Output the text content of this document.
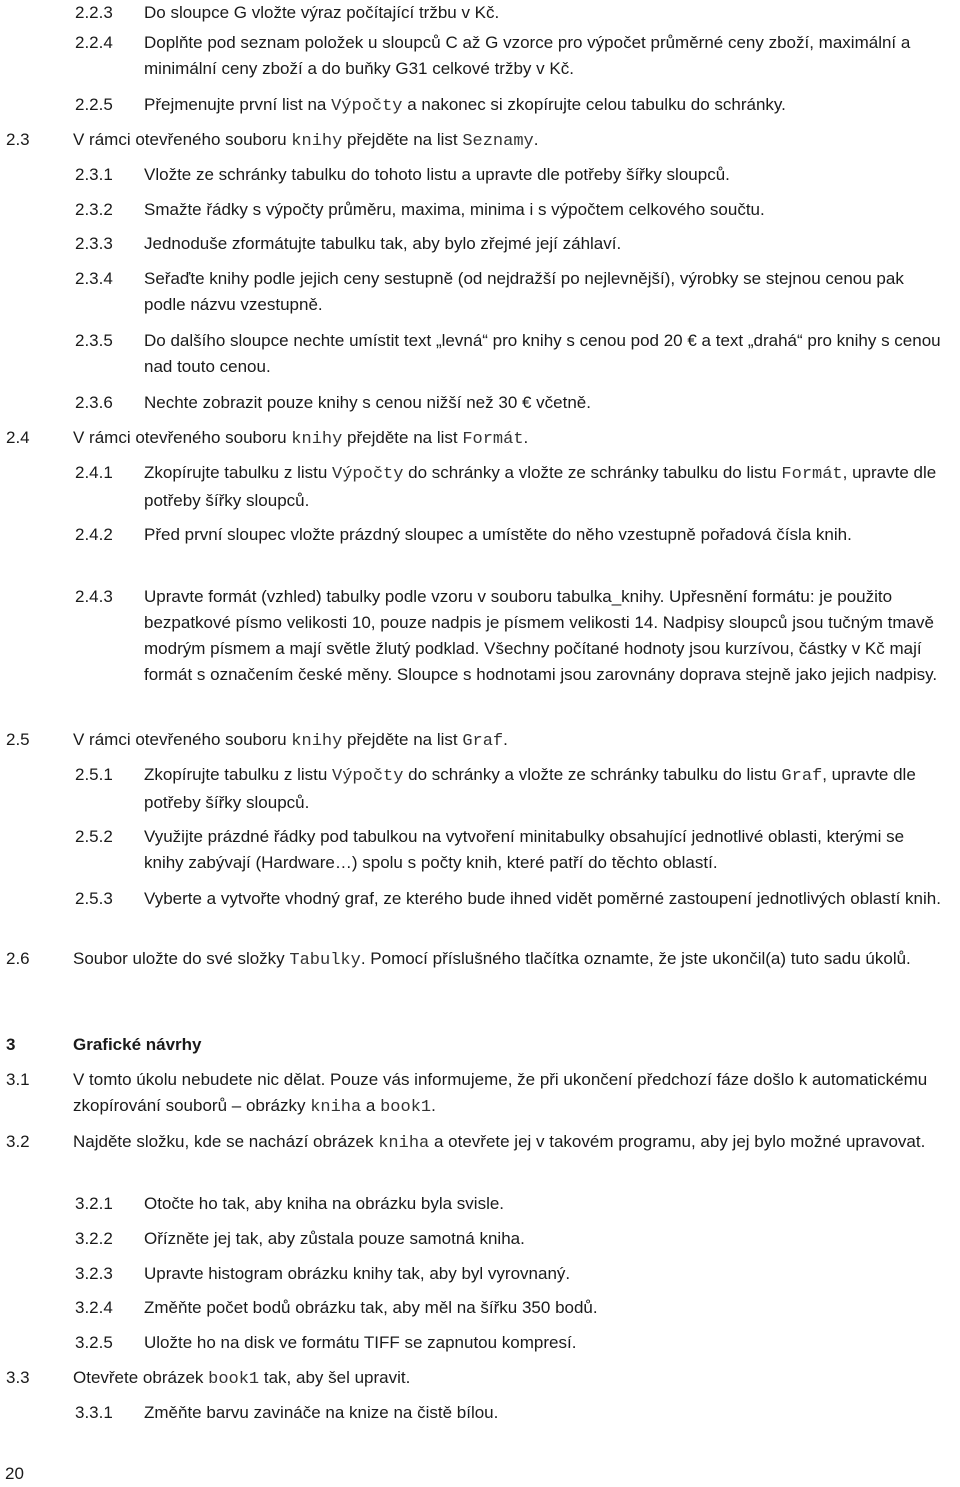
2.2.3	Do sloupce G vložte výraz počítající tržbu v Kč.
2.2.4	Doplňte pod seznam položek u sloupců C až G vzorce pro výpočet průměrné ceny zboží, maximální a minimální ceny zboží a do buňky G31 celkové tržby v Kč.
2.2.5	Přejmenujte první list na Výpočty a nakonec si zkopírujte celou tabulku do schránky.
2.3	V rámci otevřeného souboru knihy přejděte na list Seznamy.
2.3.1	Vložte ze schránky tabulku do tohoto listu a upravte dle potřeby šířky sloupců.
2.3.2	Smažte řádky s výpočty průměru, maxima, minima i s výpočtem celkového součtu.
2.3.3	Jednoduše zformátujte tabulku tak, aby bylo zřejmé její záhlaví.
2.3.4	Seřaďte knihy podle jejich ceny sestupně (od nejdražší po nejlevnější), výrobky se stejnou cenou pak podle názvu vzestupně.
2.3.5	Do dalšího sloupce nechte umístit text „levná“ pro knihy s cenou pod 20 € a text „drahá“ pro knihy s cenou nad touto cenou.
2.3.6	Nechte zobrazit pouze knihy s cenou nižší než 30 € včetně.
2.4	V rámci otevřeného souboru knihy přejděte na list Formát.
2.4.1	Zkopírujte tabulku z listu Výpočty do schránky a vložte ze schránky tabulku do listu Formát, upravte dle potřeby šířky sloupců.
2.4.2	Před první sloupec vložte prázdný sloupec a umístěte do něho vzestupně pořadová čísla knih.
2.4.3	Upravte formát (vzhled) tabulky podle vzoru v souboru tabulka_knihy. Upřesnění formátu: je použito bezpatkové písmo velikosti 10, pouze nadpis je písmem velikosti 14. Nadpisy sloupců jsou tučným tmavě modrým písmem a mají světle žlutý podklad. Všechny počítané hodnoty jsou kurzívou, částky v Kč mají formát s označením české měny. Sloupce s hodnotami jsou zarovnány doprava stejně jako jejich nadpisy.
2.5	V rámci otevřeného souboru knihy přejděte na list Graf.
2.5.1	Zkopírujte tabulku z listu Výpočty do schránky a vložte ze schránky tabulku do listu Graf, upravte dle potřeby šířky sloupců.
2.5.2	Využijte prázdné řádky pod tabulkou na vytvoření minitabulky obsahující jednotlivé oblasti, kterými se knihy zabývají (Hardware…) spolu s počty knih, které patří do těchto oblastí.
2.5.3	Vyberte a vytvořte vhodný graf, ze kterého bude ihned vidět poměrné zastoupení jednotlivých oblastí knih.
2.6	Soubor uložte do své složky Tabulky. Pomocí příslušného tlačítka oznamte, že jste ukončil(a) tuto sadu úkolů.
3	Grafické návrhy
3.1	V tomto úkolu nebudete nic dělat. Pouze vás informujeme, že při ukončení předchozí fáze došlo k automatickému zkopírování souborů – obrázky kniha a book1.
3.2	Najděte složku, kde se nachází obrázek kniha a otevřete jej v takovém programu, aby jej bylo možné upravovat.
3.2.1	Otočte ho tak, aby kniha na obrázku byla svisle.
3.2.2	Ořízněte jej tak, aby zůstala pouze samotná kniha.
3.2.3	Upravte histogram obrázku knihy tak, aby byl vyrovnaný.
3.2.4	Změňte počet bodů obrázku tak, aby měl na šířku 350 bodů.
3.2.5	Uložte ho na disk ve formátu TIFF se zapnutou kompresí.
3.3	Otevřete obrázek book1 tak, aby šel upravit.
3.3.1	Změňte barvu zavináče na knize na čistě bílou.
20
